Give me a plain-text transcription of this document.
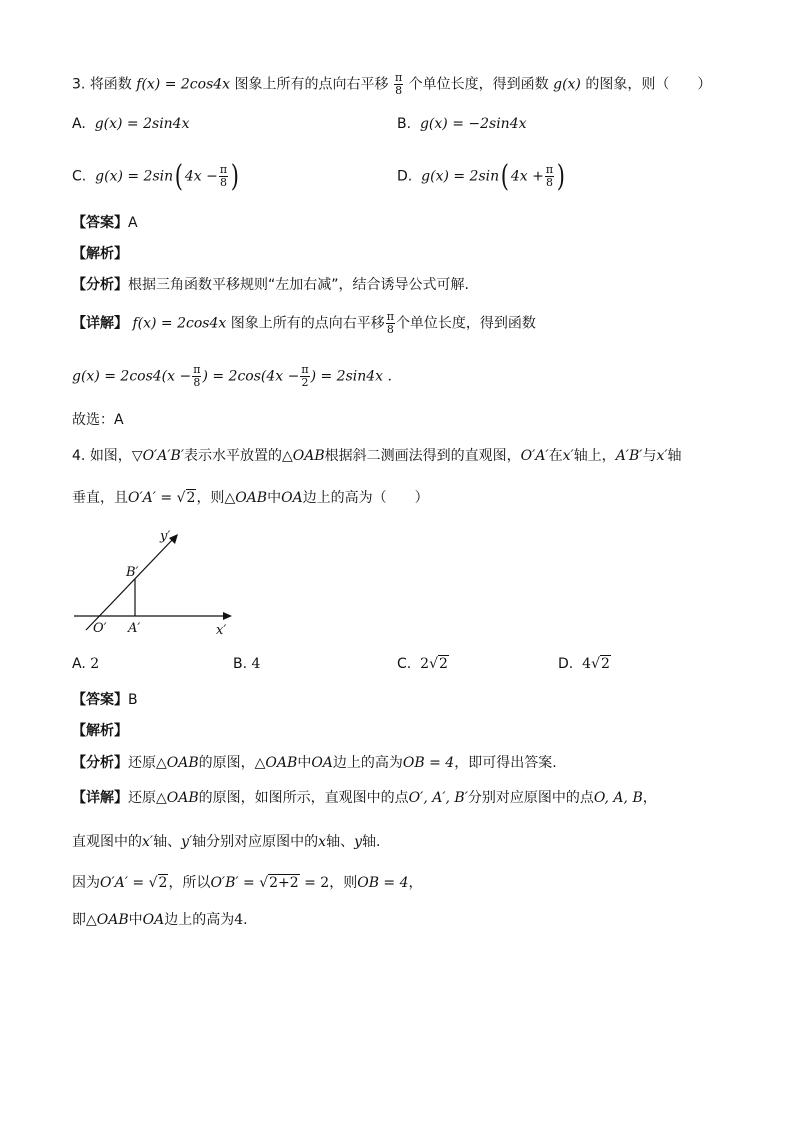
3. 将函数 f(x) = 2cos4x 图象上所有的点向右平移 $\frac{\pi}{8}$ 个单位长度，得到函数 g(x) 的图象，则（　　）
A. g(x) = 2sin4x	B. g(x) = −2sin4x
C. g(x) = 2sin( $4x - \frac{\pi}{8}$ )	D. g(x) = 2sin( $4x + \frac{\pi}{8}$ )
【答案】A
【解析】
【分析】根据三角函数平移规则“左加右减”，结合诱导公式可解.
【详解】 f(x) = 2cos4x 图象上所有的点向右平移 $\frac{\pi}{8}$ 个单位长度，得到函数
$g(x) = 2\cos 4(x - \frac{\pi}{8}$ ) = $2\cos(4x - \frac{\pi}{2}$ ) = 2sin4x .
故选：A
4. 如图，▽O′A′B′表示水平放置的△OAB根据斜二测画法得到的直观图，O′A′在x′轴上，A′B′与x′轴
垂直，且O′A′ = √2，则△OAB中OA边上的高为（　　）
y′
B′
O′ A′	x′
A. 2	B. 4	C. 2√2	D. 4√2
【答案】B
【解析】
【分析】还原△OAB的原图，△OAB中OA边上的高为OB = 4，即可得出答案.
【详解】还原△OAB的原图，如图所示，直观图中的点O′, A′, B′分别对应原图中的点O, A, B，
直观图中的x′轴、y′轴分别对应原图中的x轴、y轴.
因为O′A′ = √2，所以O′B′ = √2+2 = 2，则OB = 4，
即△OAB中OA边上的高为4.
